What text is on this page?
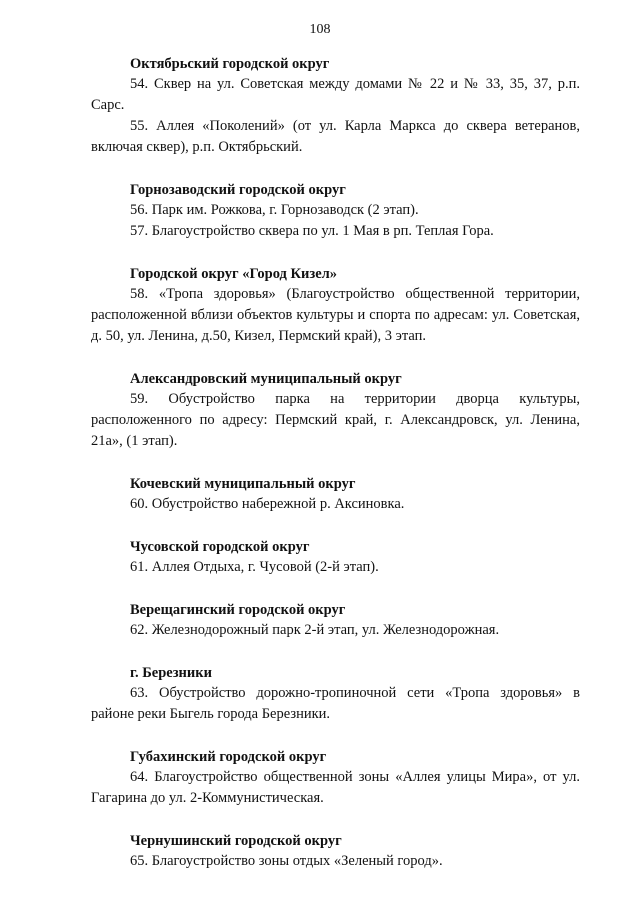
108
Октябрьский городской округ

54. Сквер на ул. Советская между домами № 22 и № 33, 35, 37, р.п. Сарс.

55. Аллея «Поколений» (от ул. Карла Маркса до сквера ветеранов, включая сквер), р.п. Октябрьский.

Горнозаводский городской округ

56. Парк им. Рожкова, г. Горнозаводск (2 этап).

57. Благоустройство сквера по ул. 1 Мая в рп. Теплая Гора.

Городской округ «Город Кизел»

58. «Тропа здоровья» (Благоустройство общественной территории, расположенной вблизи объектов культуры и спорта по адресам: ул. Советская, д. 50, ул. Ленина, д.50, Кизел, Пермский край), 3 этап.

Александровский муниципальный округ

59. Обустройство парка на территории дворца культуры, расположенного по адресу: Пермский край, г. Александровск, ул. Ленина, 21а», (1 этап).

Кочевский муниципальный округ

60. Обустройство набережной р. Аксиновка.

Чусовской городской округ

61. Аллея Отдыха, г. Чусовой (2-й этап).

Верещагинский городской округ

62. Железнодорожный парк 2-й этап, ул. Железнодорожная.

г. Березники

63. Обустройство дорожно-тропиночной сети «Тропа здоровья» в районе реки Быгель города Березники.

Губахинский городской округ

64. Благоустройство общественной зоны «Аллея улицы Мира», от ул. Гагарина до ул. 2-Коммунистическая.

Чернушинский городской округ

65. Благоустройство зоны отдых «Зеленый город».
